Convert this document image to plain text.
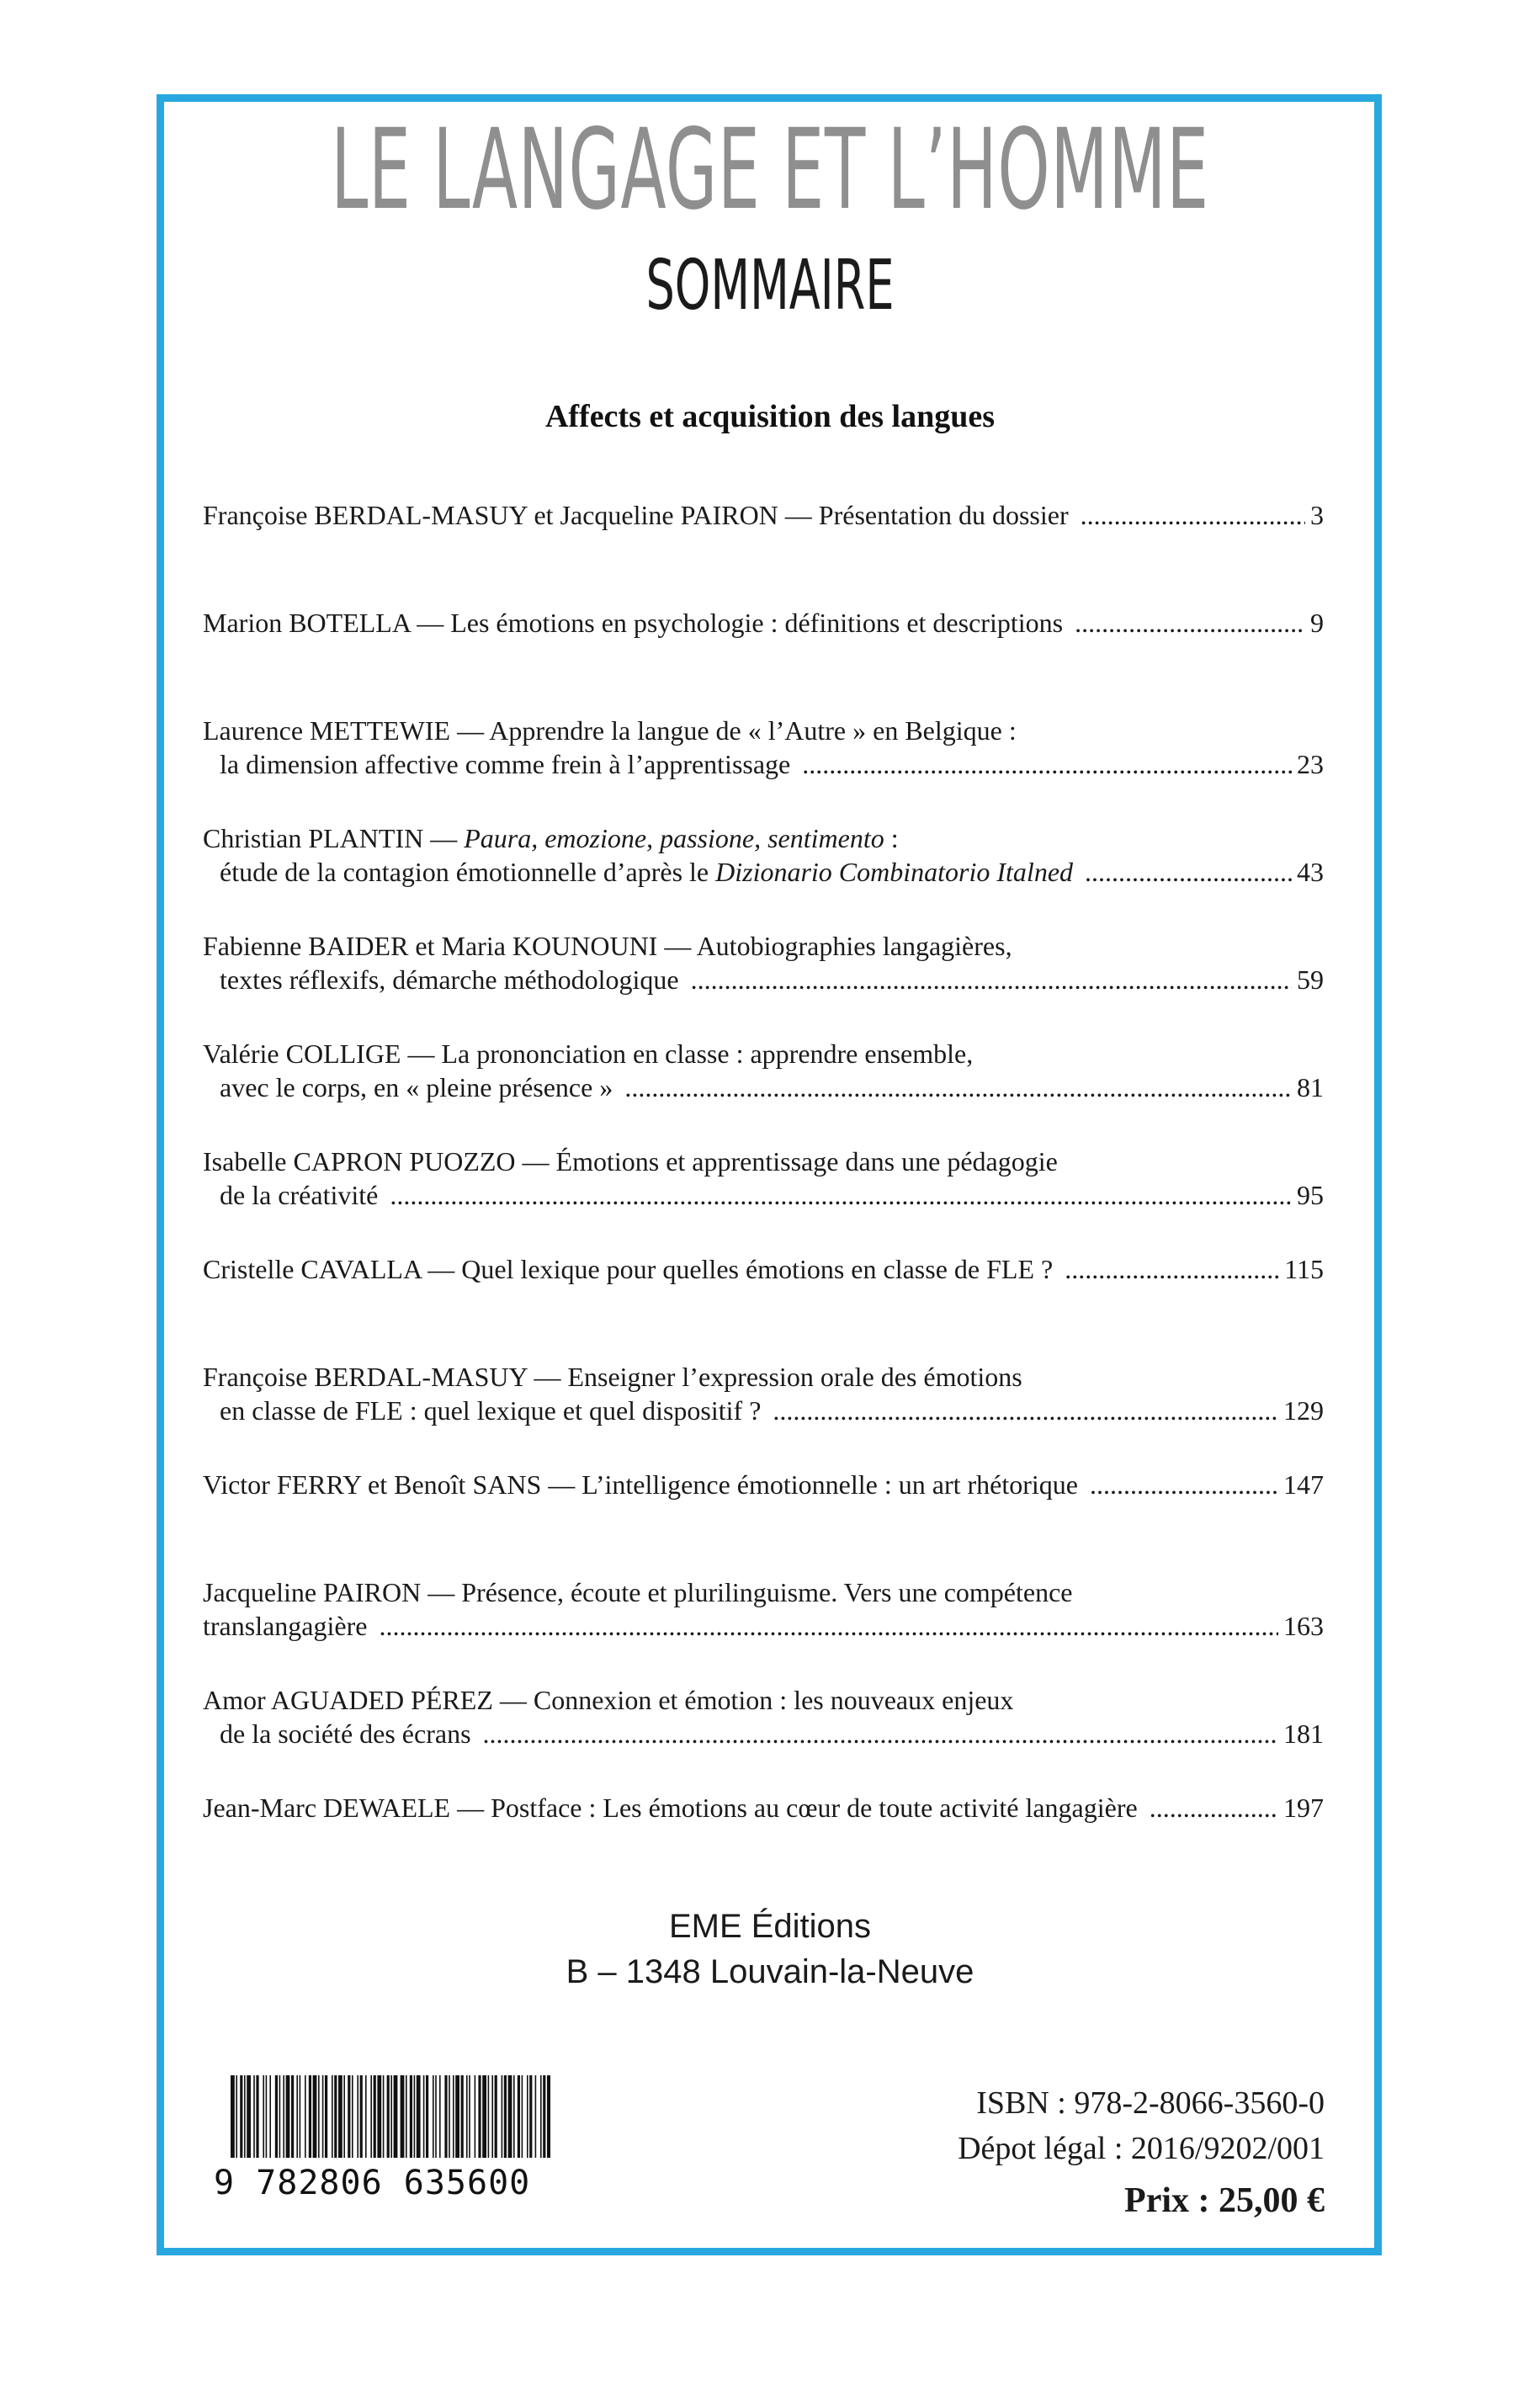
LE LANGAGE ET L’HOMME
SOMMAIRE
Affects et acquisition des langues
Françoise BERDAL-MASUY et Jacqueline PAIRON — Présentation du dossier . . .	3
Marion BOTELLA — Les émotions en psychologie : définitions et descriptions . . .	9
Laurence METTEWIE — Apprendre la langue de « l’Autre » en Belgique :
la dimension affective comme frein à l’apprentissage . . .	23
Christian PLANTIN — Paura, emozione, passione, sentimento :
étude de la contagion émotionnelle d’après le Dizionario Combinatorio Italned . . .	43
Fabienne BAIDER et Maria KOUNOUNI — Autobiographies langagières,
textes réflexifs, démarche méthodologique . . .	59
Valérie COLLIGE — La prononciation en classe : apprendre ensemble,
avec le corps, en « pleine présence » . . .	81
Isabelle CAPRON PUOZZO — Émotions et apprentissage dans une pédagogie
de la créativité . . .	95
Cristelle CAVALLA — Quel lexique pour quelles émotions en classe de FLE ? . . .	115
Françoise BERDAL-MASUY — Enseigner l’expression orale des émotions
en classe de FLE : quel lexique et quel dispositif ? . . .	129
Victor FERRY et Benoît SANS — L’intelligence émotionnelle : un art rhétorique . . .	147
Jacqueline PAIRON — Présence, écoute et plurilinguisme. Vers une compétence
translangagière . . .	163
Amor AGUADED PÉREZ — Connexion et émotion : les nouveaux enjeux
de la société des écrans . . .	181
Jean-Marc DEWAELE — Postface : Les émotions au cœur de toute activité langagière . . .	197
EME Éditions
B – 1348 Louvain-la-Neuve
9 782806 635600
ISBN : 978-2-8066-3560-0
Dépot légal : 2016/9202/001
Prix : 25,00 €
